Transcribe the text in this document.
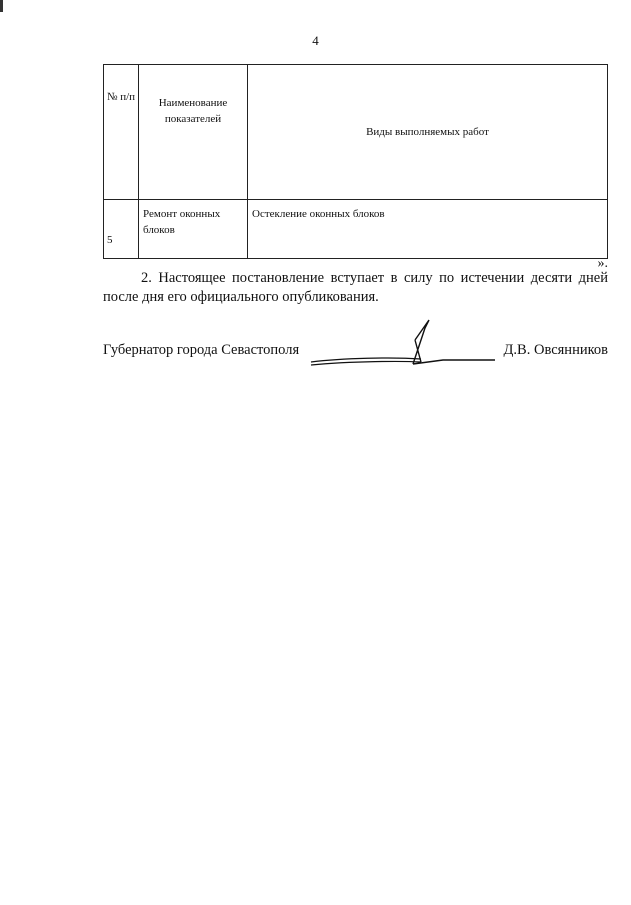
4
№ п/п	Наименование показателей	Виды выполняемых работ
5	Ремонт оконных блоков	Остекление оконных блоков
».
2. Настоящее постановление вступает в силу по истечении десяти дней после дня его официального опубликования.
Губернатор города Севастополя	Д.В. Овсянников
